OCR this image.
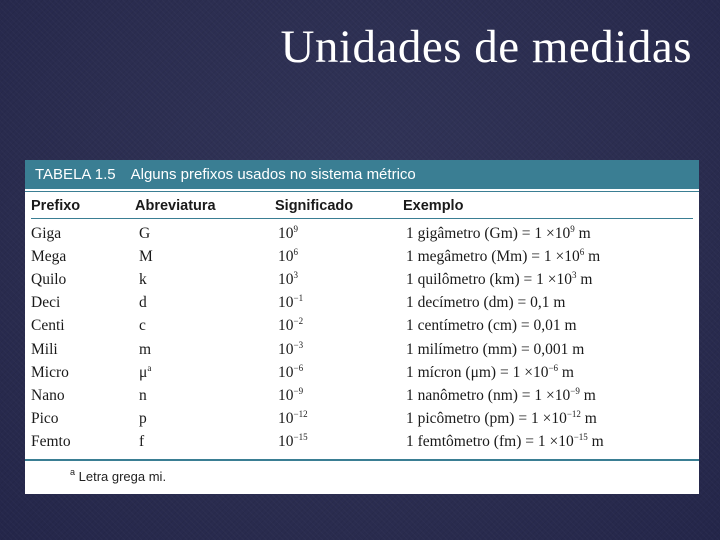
Unidades de medidas
TABELA 1.5 Alguns prefixos usados no sistema métrico
Prefixo	Abreviatura	Significado	Exemplo
Giga	G	$10^9$	1 gigâmetro $(Gm) = 1 \times 10^9$ m
Mega	M	$10^6$	1 megâmetro $(Mm) = 1 \times 10^6$ m
Quilo	k	$10^3$	1 quilômetro $(km) = 1 \times 10^3$ m
Deci	d	$10^{-1}$	1 decímetro (dm) = 0,1 m
Centi	c	$10^{-2}$	1 centímetro (cm) = 0,01 m
Mili	m	$10^{-3}$	1 milímetro (mm) = 0,001 m
Micro	$\mu^a$	$10^{-6}$	1 mícron $(\mu m) = 1 \times 10^{-6}$ m
Nano	n	$10^{-9}$	1 nanômetro $(nm) = 1 \times 10^{-9}$ m
Pico	p	$10^{-12}$	1 picômetro $(pm) = 1 \times 10^{-12}$ m
Femto	f	$10^{-15}$	1 femtômetro $(fm) = 1 \times 10^{-15}$ m
$^a$ Letra grega mi.
